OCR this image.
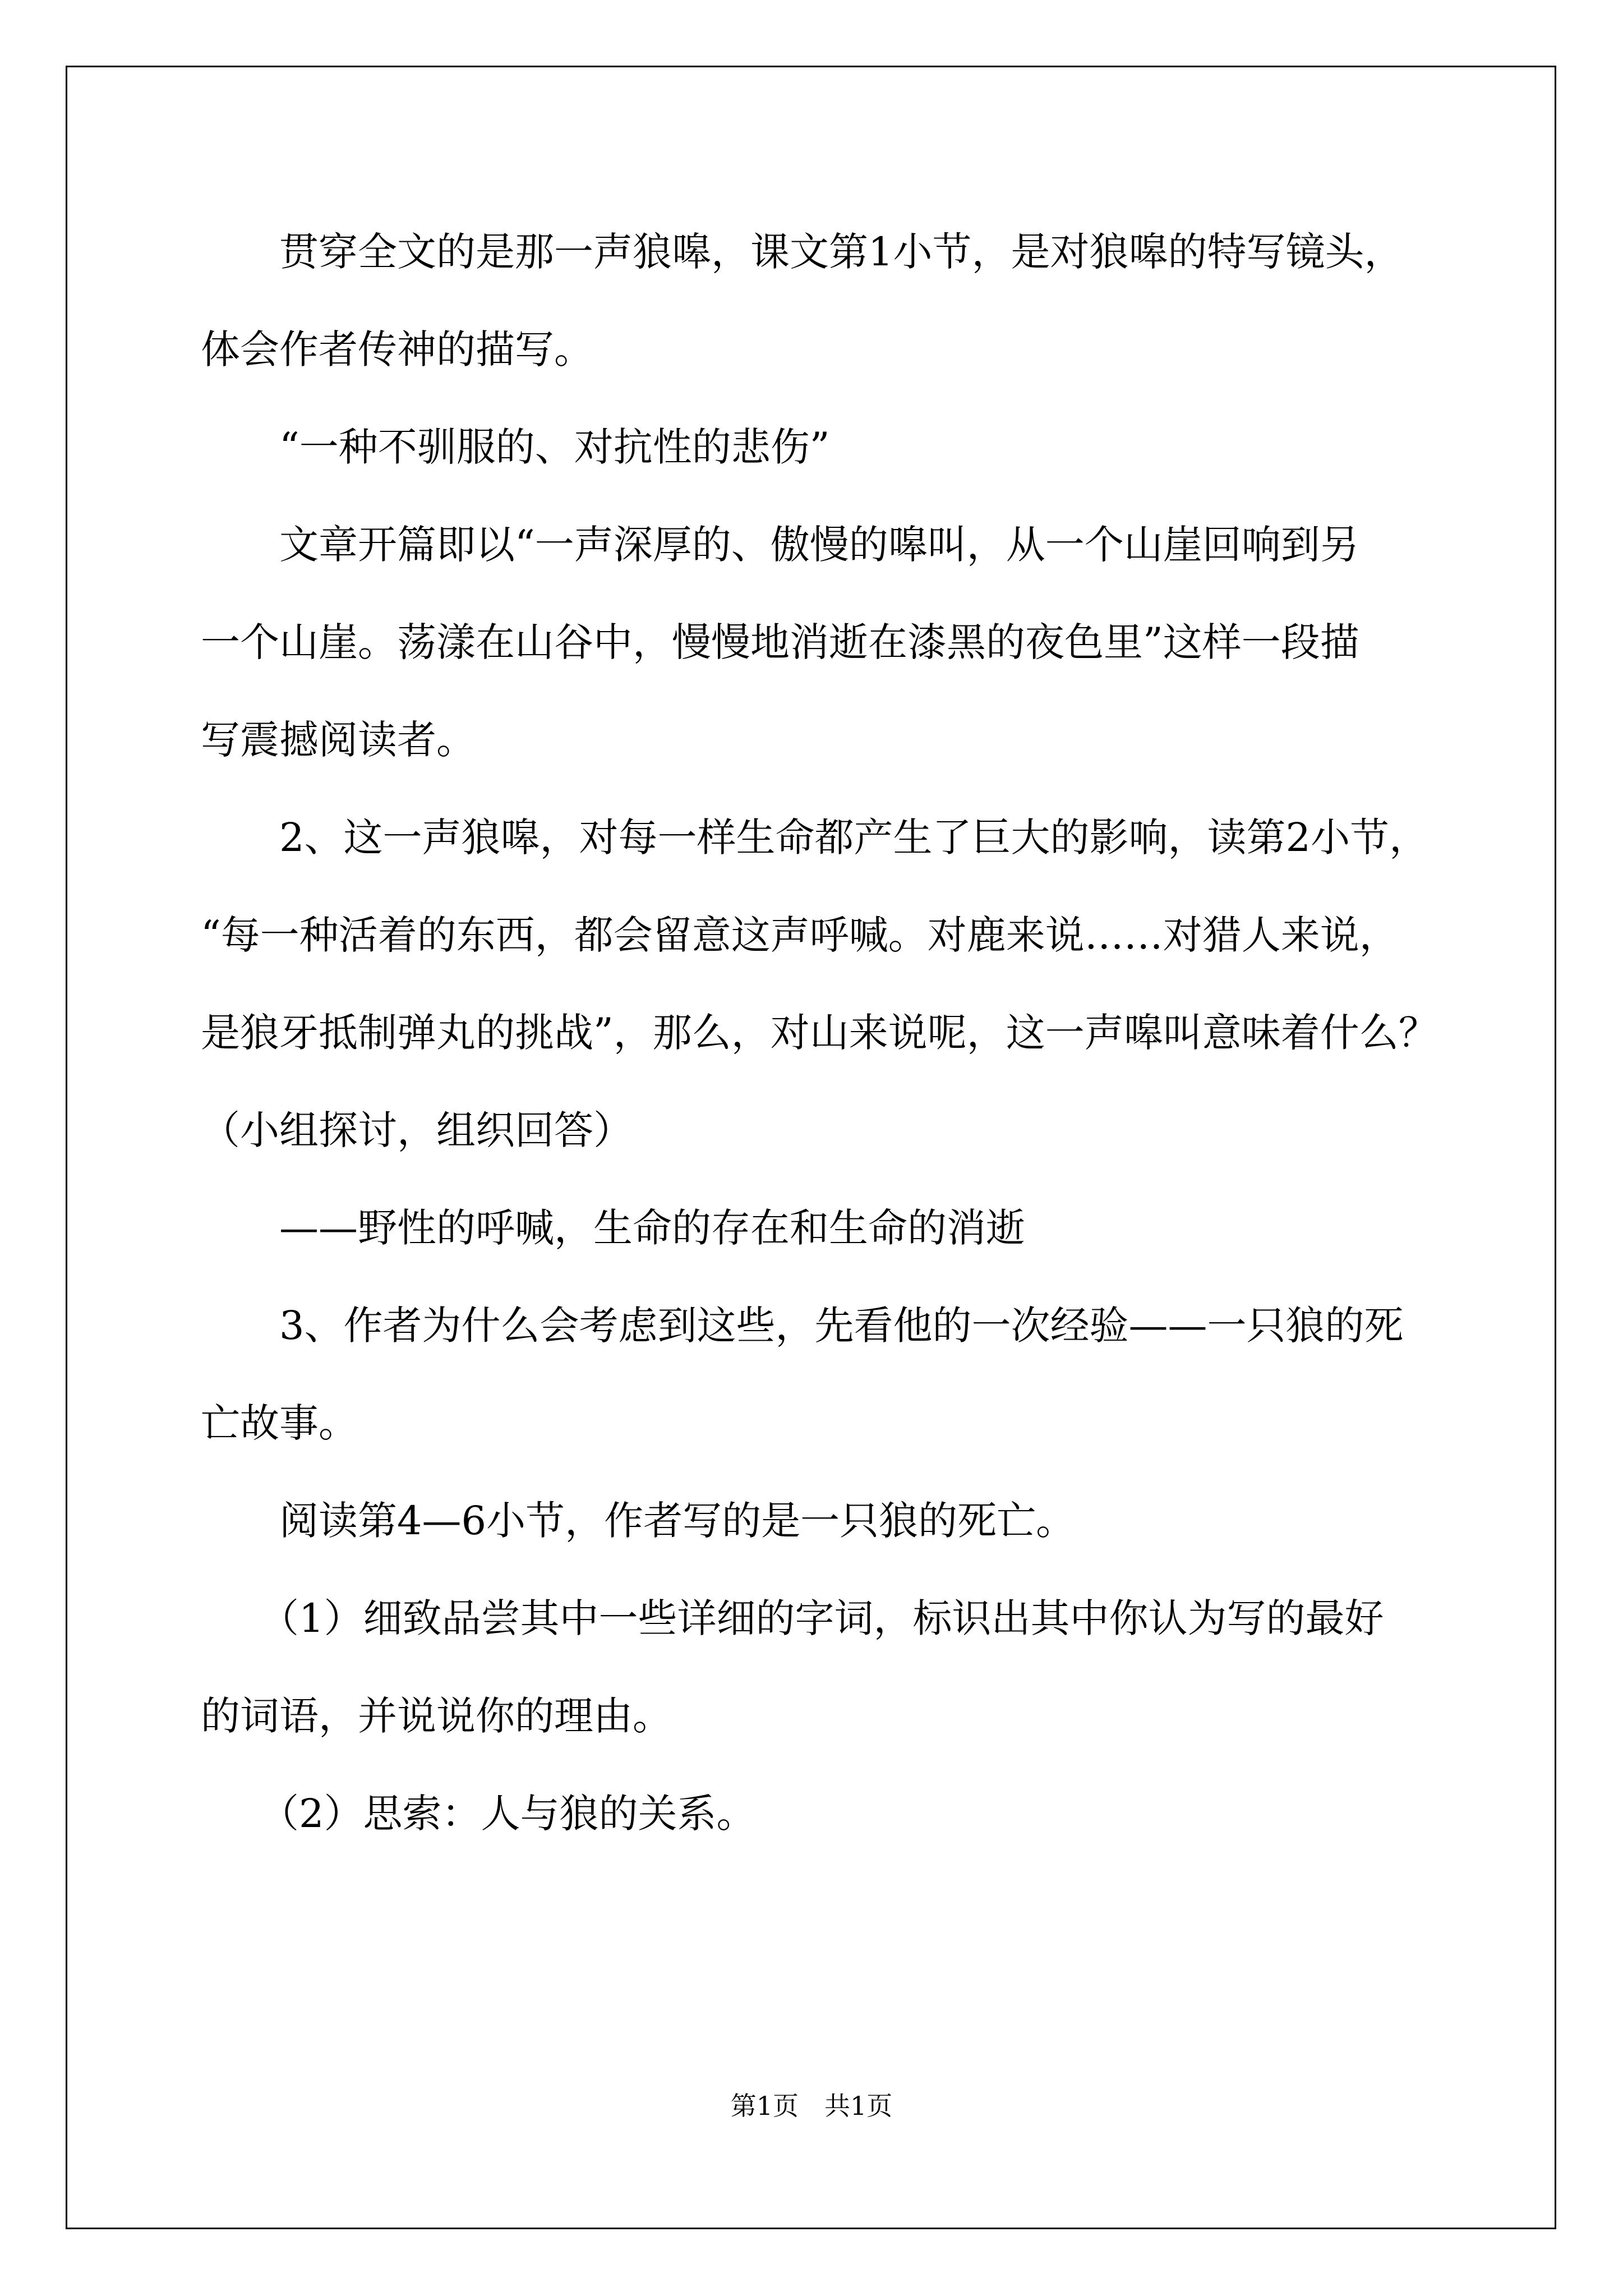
　　贯穿全文的是那一声狼嗥，课文第1小节，是对狼嗥的特写镜头，
体会作者传神的描写。
　　“一种不驯服的、对抗性的悲伤”
　　文章开篇即以“一声深厚的、傲慢的嗥叫，从一个山崖回响到另
一个山崖。荡漾在山谷中，慢慢地消逝在漆黑的夜色里”这样一段描
写震撼阅读者。
　　2、这一声狼嗥，对每一样生命都产生了巨大的影响，读第2小节，
“每一种活着的东西，都会留意这声呼喊。对鹿来说……对猎人来说，
是狼牙抵制弹丸的挑战”，那么，对山来说呢，这一声嗥叫意味着什么？
（小组探讨，组织回答）
　　——野性的呼喊，生命的存在和生命的消逝
　　3、作者为什么会考虑到这些，先看他的一次经验——一只狼的死
亡故事。
　　阅读第4—6小节，作者写的是一只狼的死亡。
　　（1）细致品尝其中一些详细的字词，标识出其中你认为写的最好
的词语，并说说你的理由。
　　（2）思索：人与狼的关系。
第1页　共1页
